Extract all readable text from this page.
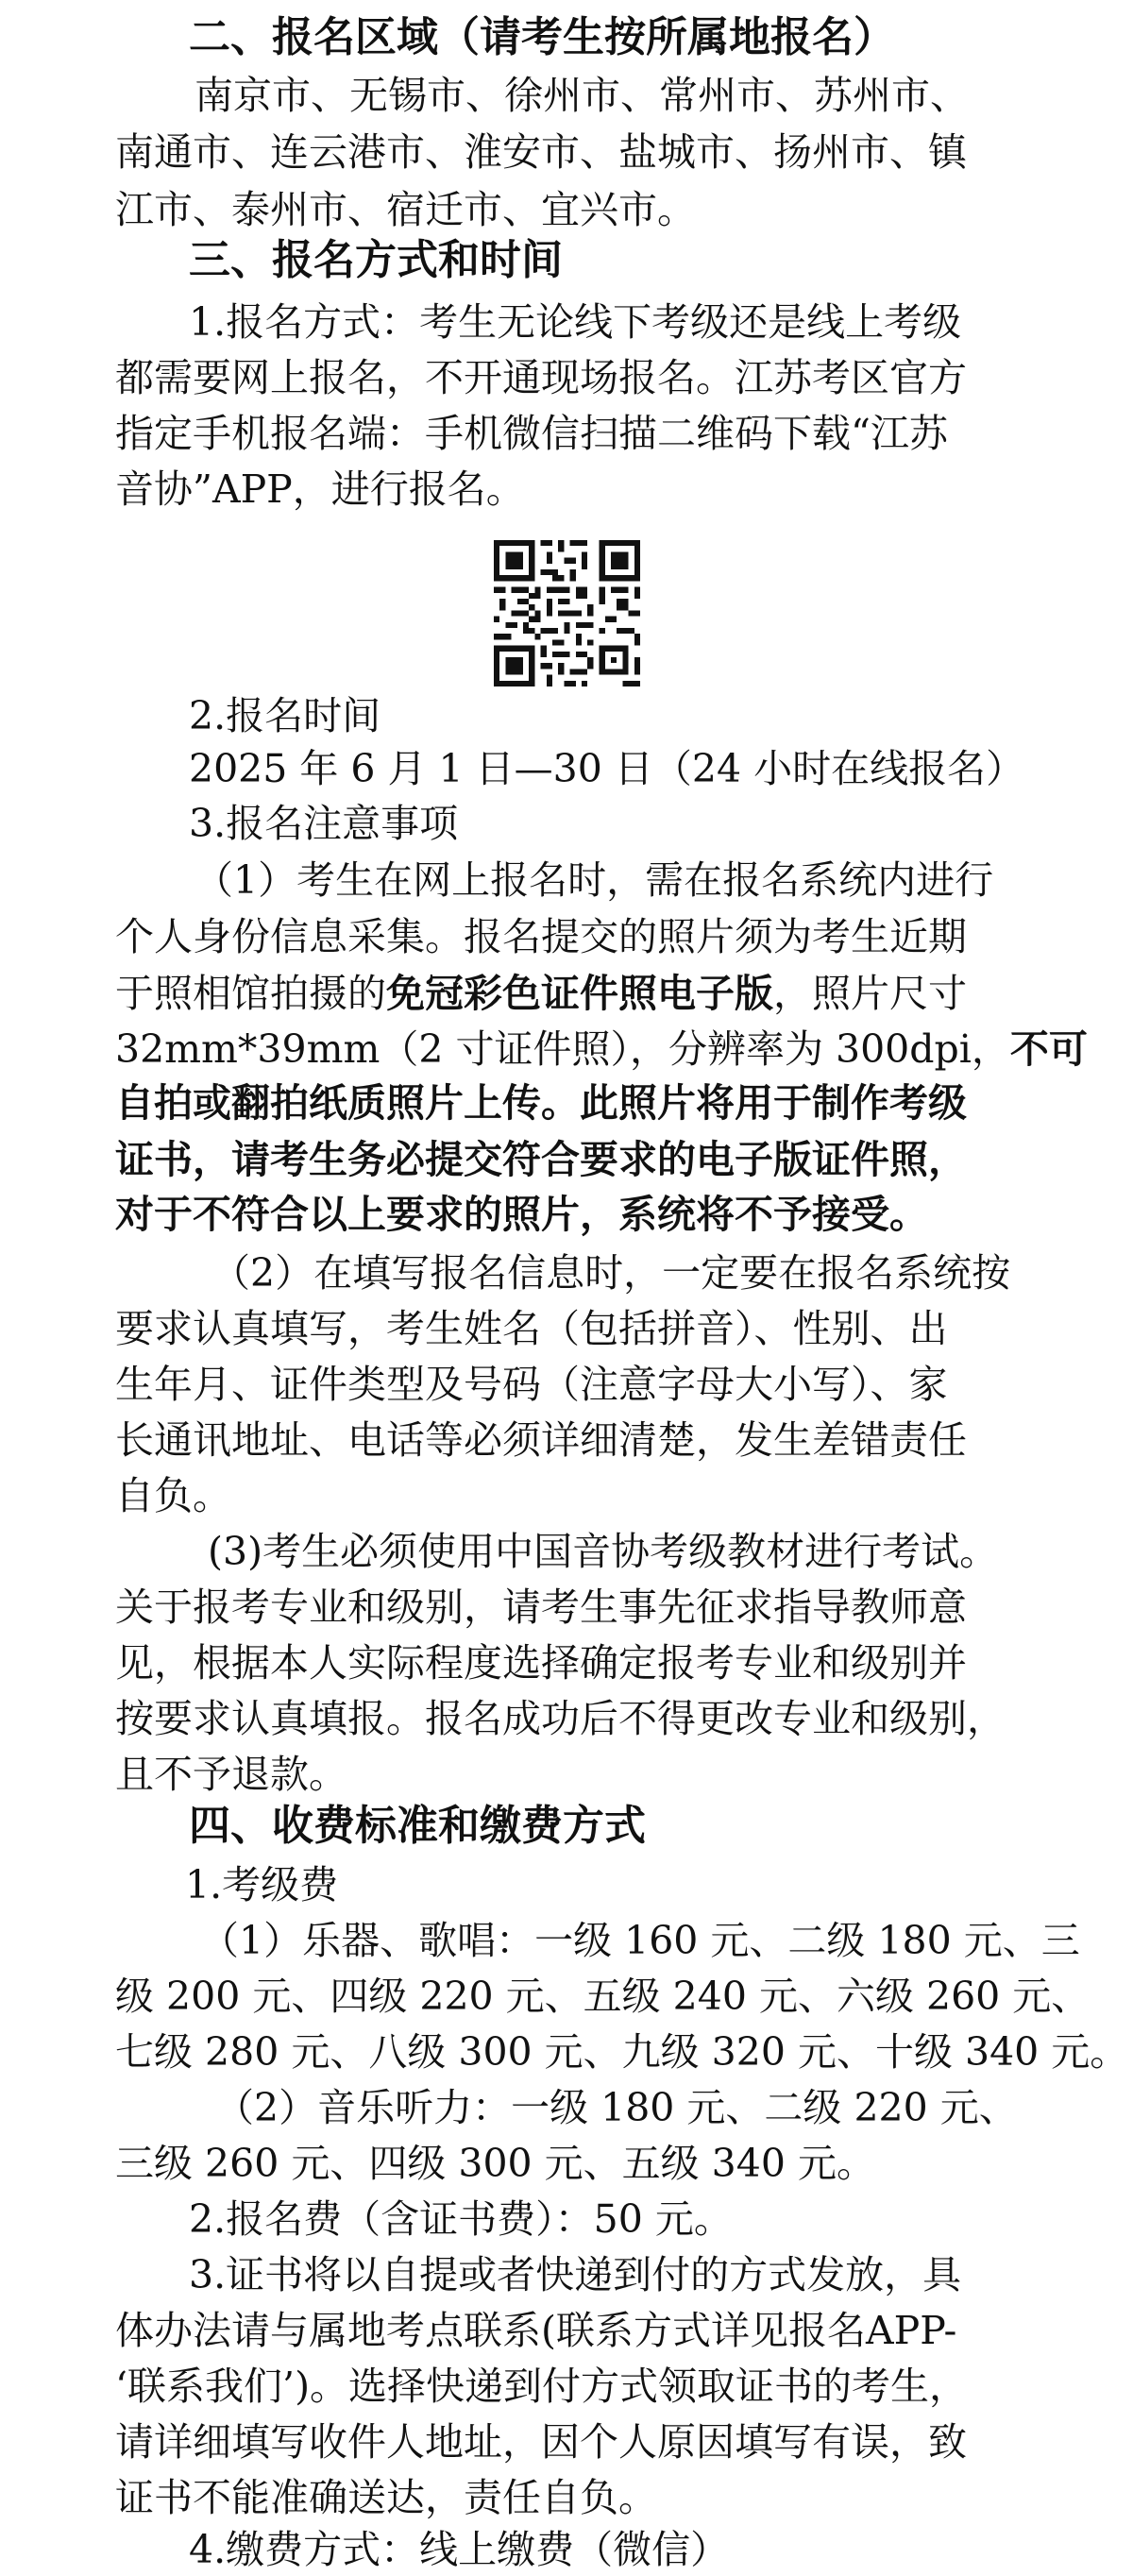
二、报名区域（请考生按所属地报名）
南京市、无锡市、徐州市、常州市、苏州市、
南通市、连云港市、淮安市、盐城市、扬州市、镇
江市、泰州市、宿迁市、宜兴市。
三、报名方式和时间
1.报名方式：考生无论线下考级还是线上考级
都需要网上报名，不开通现场报名。江苏考区官方
指定手机报名端：手机微信扫描二维码下载“江苏
音协”APP，进行报名。
2.报名时间
2025 年 6 月 1 日—30 日（24 小时在线报名）
3.报名注意事项
（1）考生在网上报名时，需在报名系统内进行
个人身份信息采集。报名提交的照片须为考生近期
于照相馆拍摄的免冠彩色证件照电子版，照片尺寸
32mm*39mm（2 寸证件照），分辨率为 300dpi，不可
自拍或翻拍纸质照片上传。此照片将用于制作考级
证书，请考生务必提交符合要求的电子版证件照，
对于不符合以上要求的照片，系统将不予接受。
（2）在填写报名信息时，一定要在报名系统按
要求认真填写，考生姓名（包括拼音）、性别、出
生年月、证件类型及号码（注意字母大小写）、家
长通讯地址、电话等必须详细清楚，发生差错责任
自负。
(3)考生必须使用中国音协考级教材进行考试。
关于报考专业和级别，请考生事先征求指导教师意
见，根据本人实际程度选择确定报考专业和级别并
按要求认真填报。报名成功后不得更改专业和级别，
且不予退款。
四、收费标准和缴费方式
1.考级费
（1）乐器、歌唱：一级 160 元、二级 180 元、三
级 200 元、四级 220 元、五级 240 元、六级 260 元、
七级 280 元、八级 300 元、九级 320 元、十级 340 元。
（2）音乐听力：一级 180 元、二级 220 元、
三级 260 元、四级 300 元、五级 340 元。
2.报名费（含证书费）：50 元。
3.证书将以自提或者快递到付的方式发放，具
体办法请与属地考点联系(联系方式详见报名APP-
‘联系我们’)。选择快递到付方式领取证书的考生，
请详细填写收件人地址，因个人原因填写有误，致
证书不能准确送达，责任自负。
4.缴费方式：线上缴费（微信）
